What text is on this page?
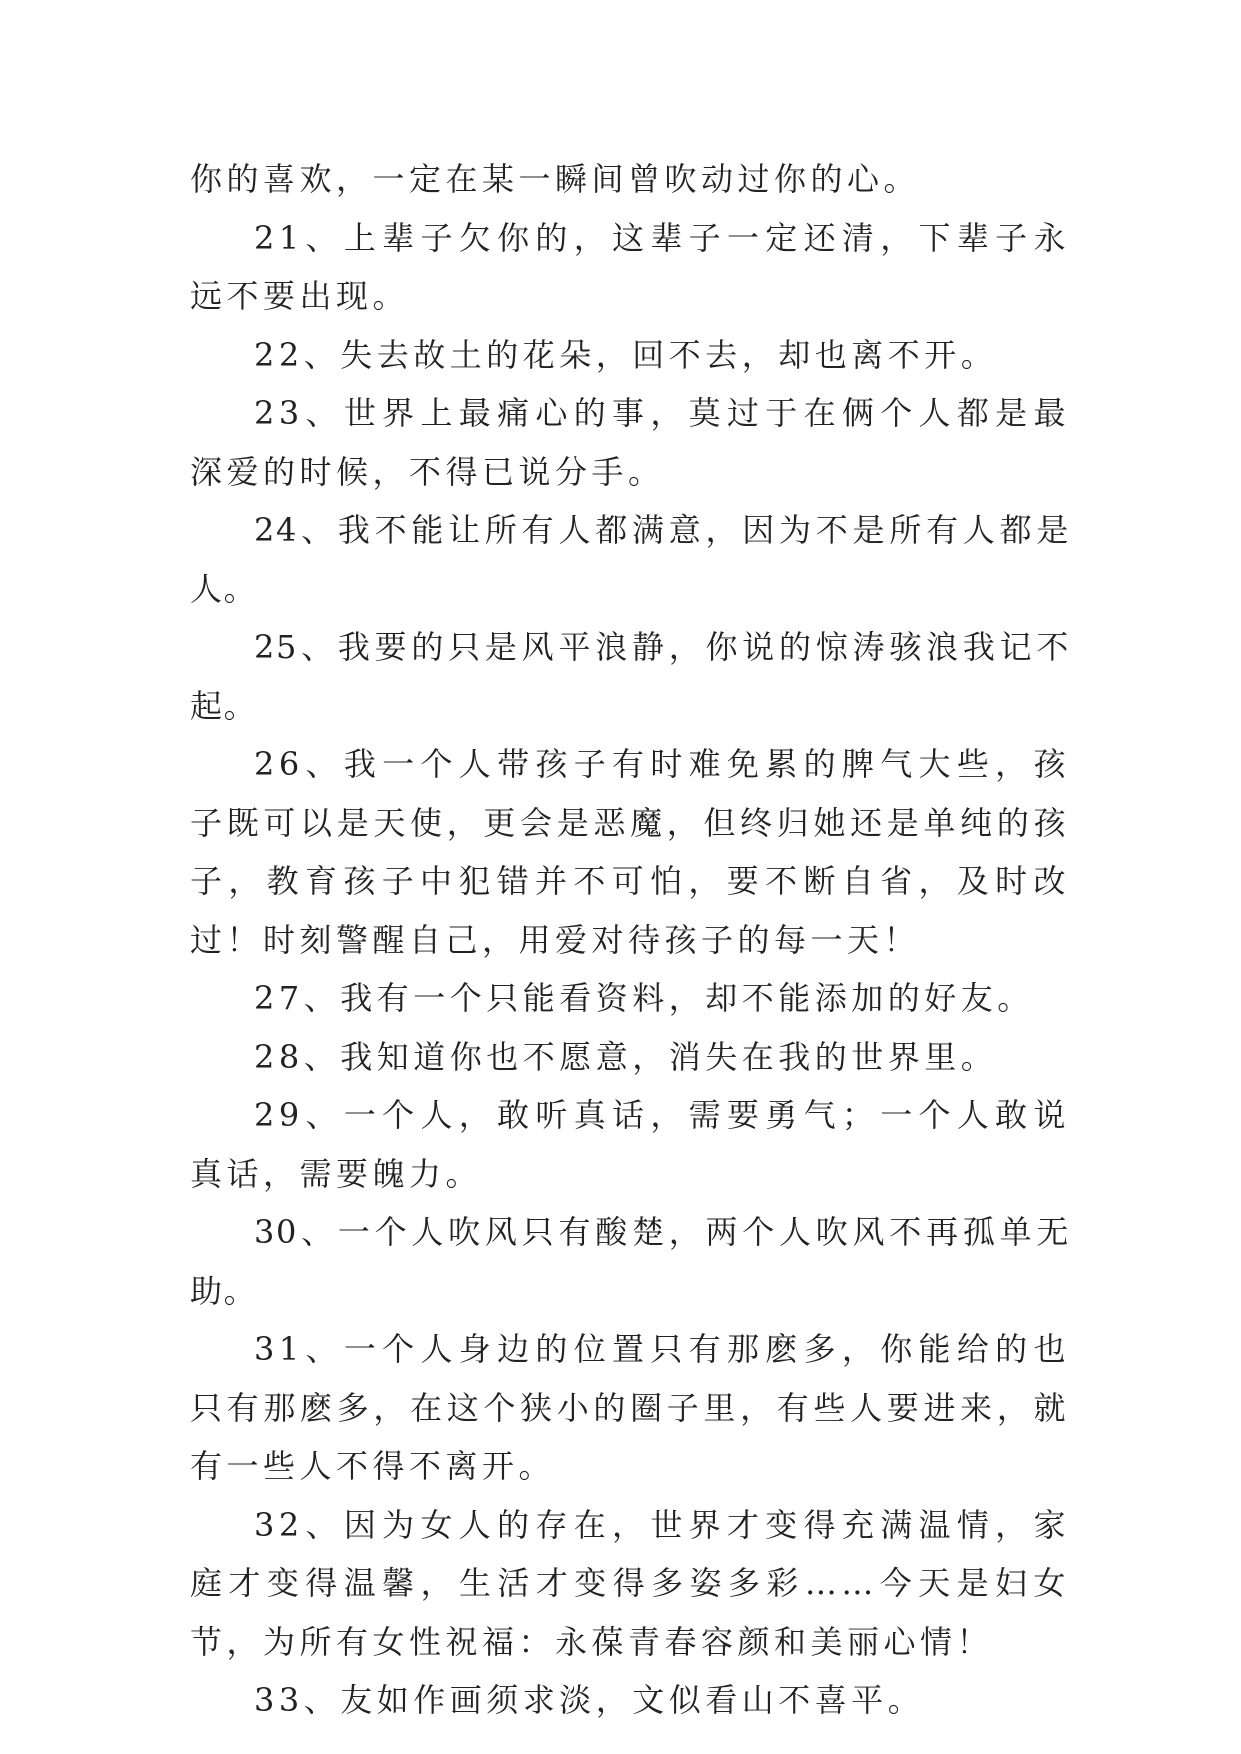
你的喜欢，一定在某一瞬间曾吹动过你的心。

21、上辈子欠你的，这辈子一定还清，下辈子永远不要出现。

22、失去故土的花朵，回不去，却也离不开。

23、世界上最痛心的事，莫过于在俩个人都是最深爱的时候，不得已说分手。

24、我不能让所有人都满意，因为不是所有人都是人。

25、我要的只是风平浪静，你说的惊涛骇浪我记不起。

26、我一个人带孩子有时难免累的脾气大些，孩子既可以是天使，更会是恶魔，但终归她还是单纯的孩子，教育孩子中犯错并不可怕，要不断自省，及时改过！时刻警醒自己，用爱对待孩子的每一天！

27、我有一个只能看资料，却不能添加的好友。

28、我知道你也不愿意，消失在我的世界里。

29、一个人，敢听真话，需要勇气；一个人敢说真话，需要魄力。

30、一个人吹风只有酸楚，两个人吹风不再孤单无助。

31、一个人身边的位置只有那麽多，你能给的也只有那麽多，在这个狭小的圈子里，有些人要进来，就有一些人不得不离开。

32、因为女人的存在，世界才变得充满温情，家庭才变得温馨，生活才变得多姿多彩……今天是妇女节，为所有女性祝福：永葆青春容颜和美丽心情！

33、友如作画须求淡，文似看山不喜平。
